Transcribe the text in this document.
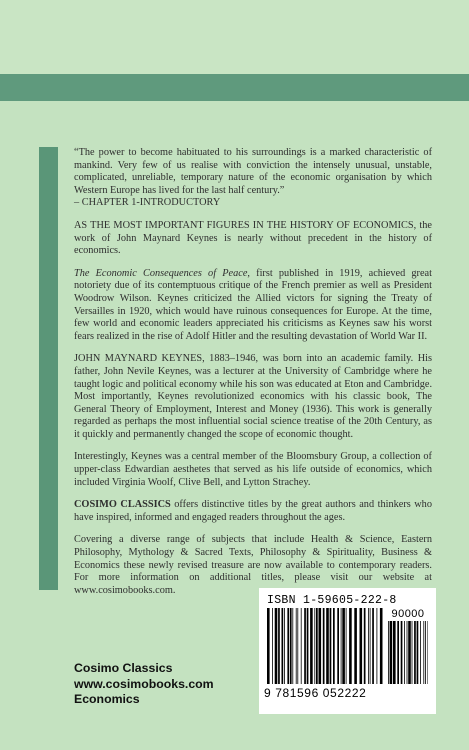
“The power to become habituated to his surroundings is a marked characteristic of mankind. Very few of us realise with conviction the intensely unusual, unstable, complicated, unreliable, temporary nature of the economic organisation by which Western Europe has lived for the last half century.”

– CHAPTER 1-INTRODUCTORY

AS THE MOST IMPORTANT FIGURES IN THE HISTORY OF ECONOMICS, the work of John Maynard Keynes is nearly without precedent in the history of economics.

The Economic Consequences of Peace, first published in 1919, achieved great notoriety due of its contemptuous critique of the French premier as well as President Woodrow Wilson. Keynes criticized the Allied victors for signing the Treaty of Versailles in 1920, which would have ruinous consequences for Europe. At the time, few world and economic leaders appreciated his criticisms as Keynes saw his worst fears realized in the rise of Adolf Hitler and the resulting devastation of World War II.

JOHN MAYNARD KEYNES, 1883–1946, was born into an academic family. His father, John Nevile Keynes, was a lecturer at the University of Cambridge where he taught logic and political economy while his son was educated at Eton and Cambridge. Most importantly, Keynes revolutionized economics with his classic book, The General Theory of Employment, Interest and Money (1936). This work is generally regarded as perhaps the most influential social science treatise of the 20th Century, as it quickly and permanently changed the scope of economic thought.

Interestingly, Keynes was a central member of the Bloomsbury Group, a collection of upper-class Edwardian aesthetes that served as his life outside of economics, which included Virginia Woolf, Clive Bell, and Lytton Strachey.

COSIMO CLASSICS offers distinctive titles by the great authors and thinkers who have inspired, informed and engaged readers throughout the ages.

Covering a diverse range of subjects that include Health & Science, Eastern Philosophy, Mythology & Sacred Texts, Philosophy & Spirituality, Business & Economics these newly revised treasure are now available to contemporary readers. For more information on additional titles, please visit our website at www.cosimobooks.com.

Cosimo Classics
www.cosimobooks.com
Economics
ISBN 1-59605-222-8
90000
9 781596 052222
